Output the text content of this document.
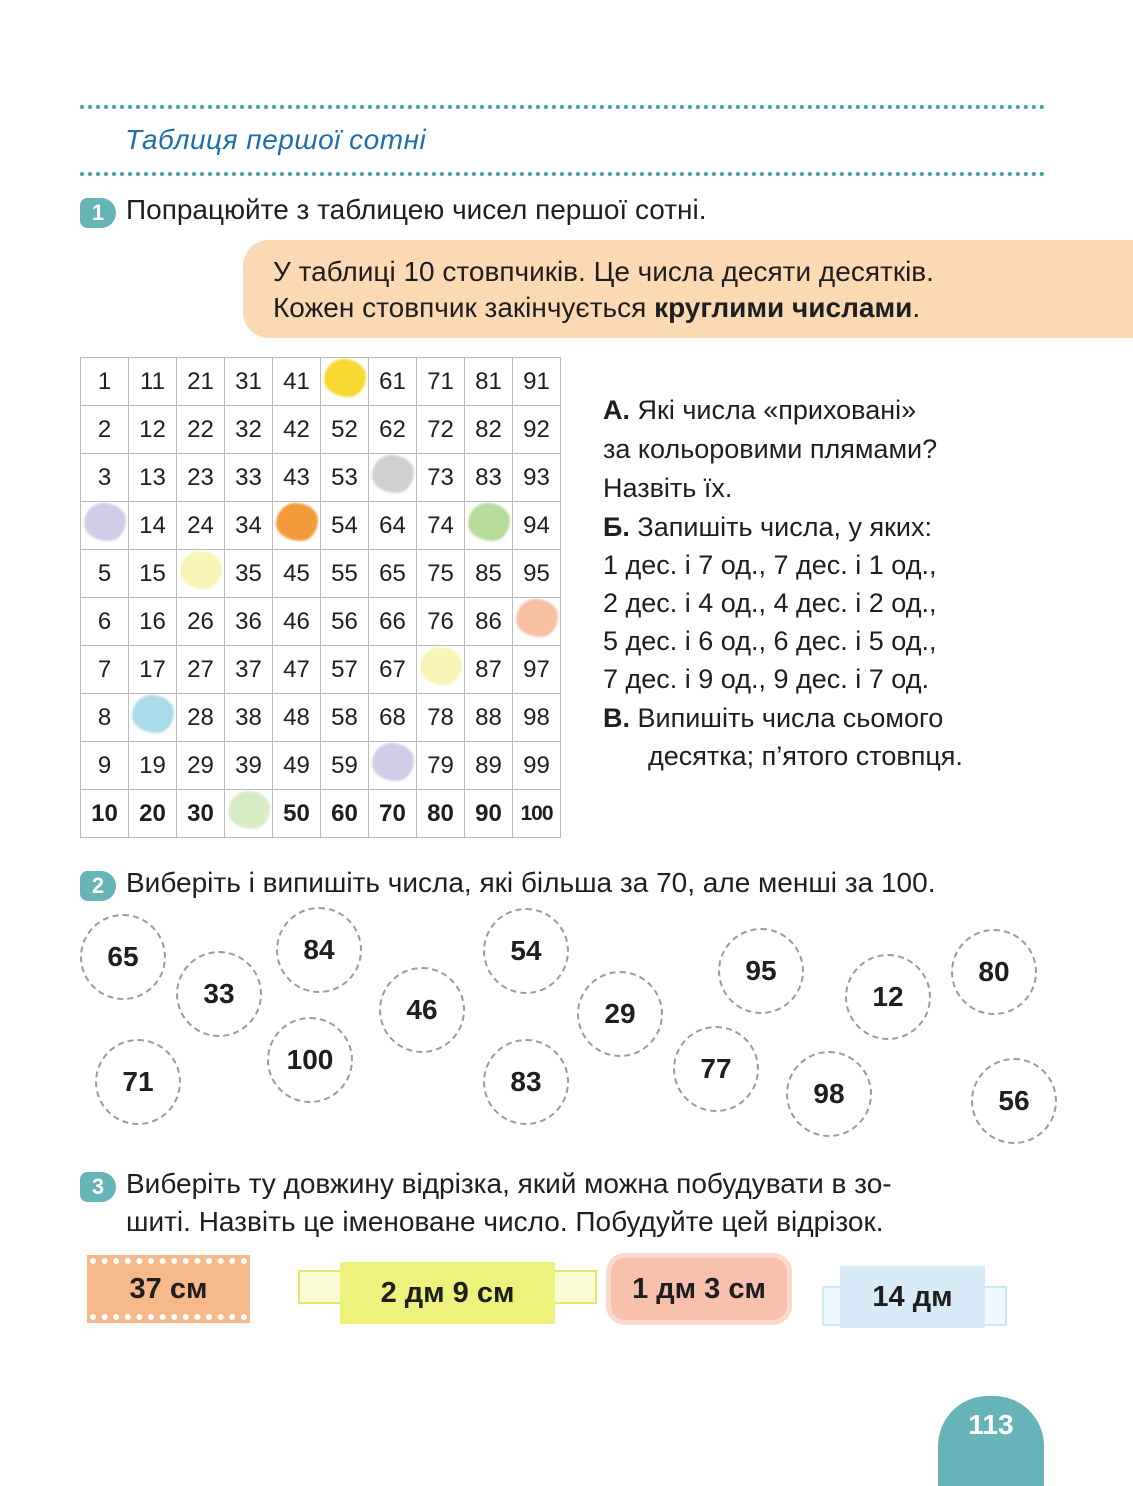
Таблиця першої сотні
1 Попрацюйте з таблицею чисел першої сотні.
У таблиці 10 стовпчиків. Це числа десяти десятків.
Кожен стовпчик закінчується круглими числами.
1	11	21	31	41		61	71	81	91
2	12	22	32	42	52	62	72	82	92
3	13	23	33	43	53		73	83	93
	14	24	34		54	64	74		94
5	15		35	45	55	65	75	85	95
6	16	26	36	46	56	66	76	86	
7	17	27	37	47	57	67		87	97
8		28	38	48	58	68	78	88	98
9	19	29	39	49	59		79	89	99
10	20	30		50	60	70	80	90	100
А. Які числа «приховані»
за кольоровими плямами?
Назвіть їх.
Б. Запишіть числа, у яких:
1 дес. і 7 од., 7 дес. і 1 од.,
2 дес. і 4 од., 4 дес. і 2 од.,
5 дес. і 6 од., 6 дес. і 5 од.,
7 дес. і 9 од., 9 дес. і 7 од.
В. Випишіть числа сьомого
десятка; п’ятого стовпця.
2 Виберіть і випишіть числа, які більша за 70, але менші за 100.
65
33
84
100
71
46
54
83
29
77
95
98
12
80
56
3 Виберіть ту довжину відрізка, який можна побудувати в зо-
шиті. Назвіть це іменоване число. Побудуйте цей відрізок.
37 см	2 дм 9 см	1 дм 3 см	14 дм
113
